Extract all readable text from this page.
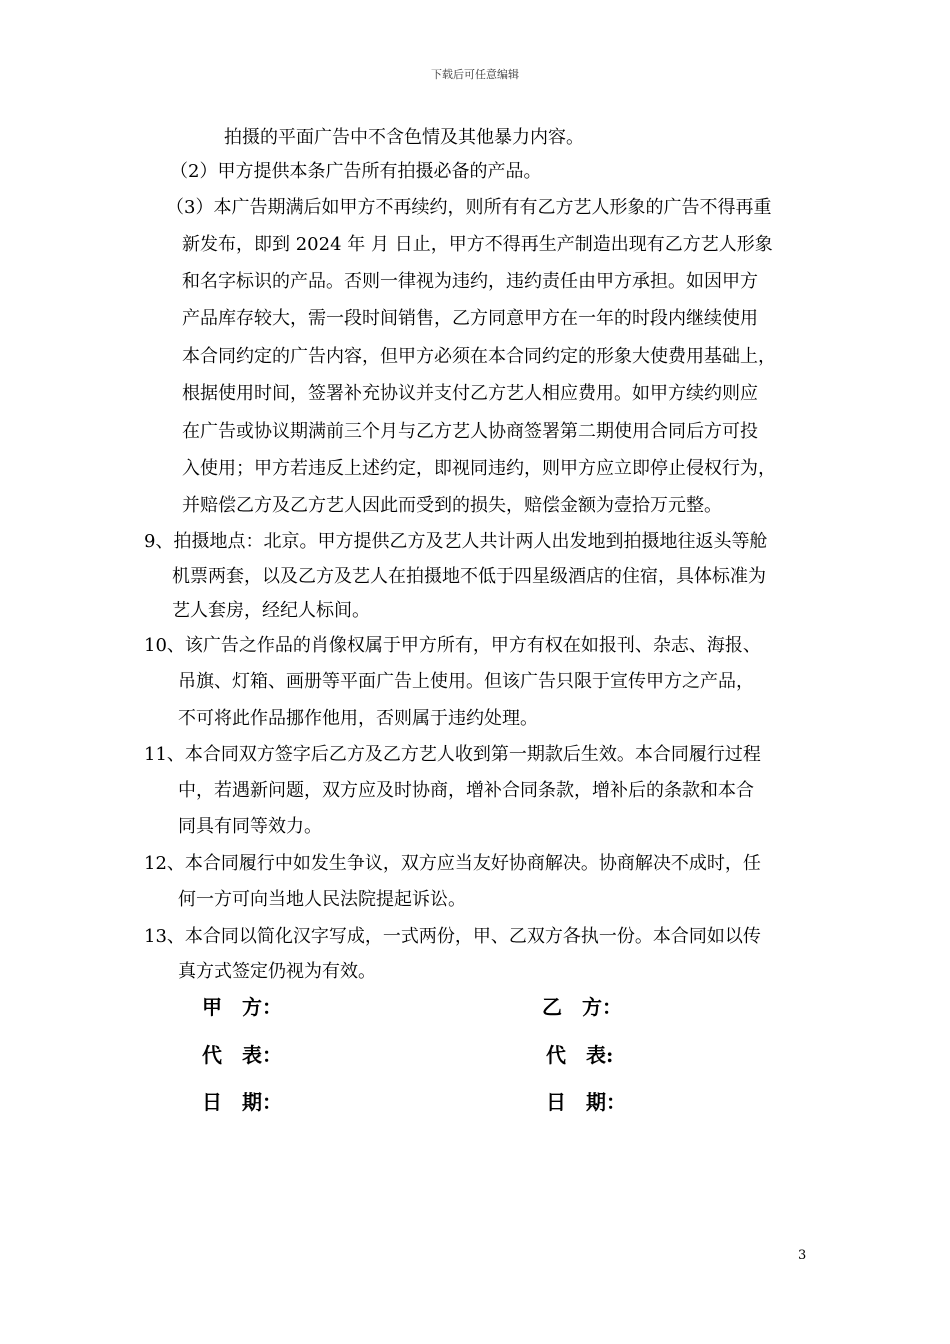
下载后可任意编辑
拍摄的平面广告中不含色情及其他暴力内容。
（2）甲方提供本条广告所有拍摄必备的产品。
（3）本广告期满后如甲方不再续约，则所有有乙方艺人形象的广告不得再重
新发布，即到 2024 年 月 日止，甲方不得再生产制造出现有乙方艺人形象
和名字标识的产品。否则一律视为违约，违约责任由甲方承担。如因甲方
产品库存较大，需一段时间销售，乙方同意甲方在一年的时段内继续使用
本合同约定的广告内容，但甲方必须在本合同约定的形象大使费用基础上，
根据使用时间，签署补充协议并支付乙方艺人相应费用。如甲方续约则应
在广告或协议期满前三个月与乙方艺人协商签署第二期使用合同后方可投
入使用；甲方若违反上述约定，即视同违约，则甲方应立即停止侵权行为，
并赔偿乙方及乙方艺人因此而受到的损失，赔偿金额为壹拾万元整。
9、拍摄地点：北京。甲方提供乙方及艺人共计两人出发地到拍摄地往返头等舱
机票两套，以及乙方及艺人在拍摄地不低于四星级酒店的住宿，具体标准为
艺人套房，经纪人标间。
10、该广告之作品的肖像权属于甲方所有，甲方有权在如报刊、杂志、海报、
吊旗、灯箱、画册等平面广告上使用。但该广告只限于宣传甲方之产品，
不可将此作品挪作他用，否则属于违约处理。
11、本合同双方签字后乙方及乙方艺人收到第一期款后生效。本合同履行过程
中，若遇新问题，双方应及时协商，增补合同条款，增补后的条款和本合
同具有同等效力。
12、本合同履行中如发生争议，双方应当友好协商解决。协商解决不成时，任
何一方可向当地人民法院提起诉讼。
13、本合同以简化汉字写成，一式两份，甲、乙双方各执一份。本合同如以传
真方式签定仍视为有效。
甲　方：	乙　方：
代　表：	代　表:
日　期：	日　期：
3
